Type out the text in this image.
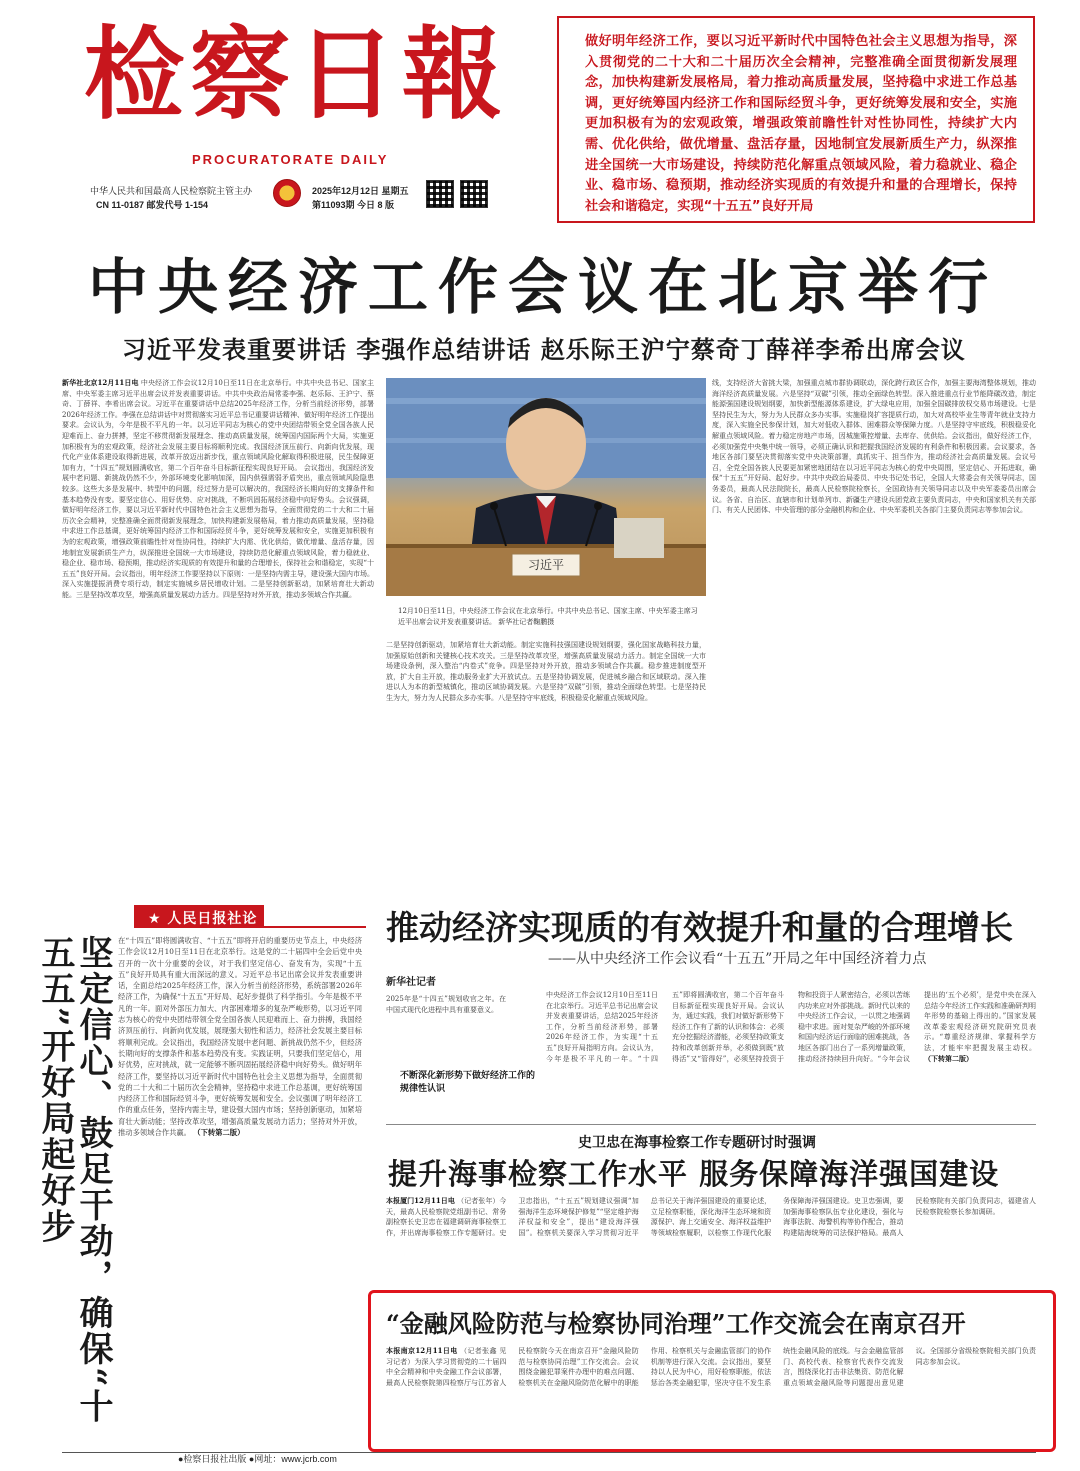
检察日報
PROCURATORATE DAILY
中华人民共和国最高人民检察院主管主办
CN 11-0187 邮发代号 1-154
2025年12月12日 星期五
第11093期 今日 8 版
做好明年经济工作，要以习近平新时代中国特色社会主义思想为指导，深入贯彻党的二十大和二十届历次全会精神，完整准确全面贯彻新发展理念，加快构建新发展格局，着力推动高质量发展，坚持稳中求进工作总基调，更好统筹国内经济工作和国际经贸斗争，更好统筹发展和安全，实施更加积极有为的宏观政策，增强政策前瞻性针对性协同性，持续扩大内需、优化供给，做优增量、盘活存量，因地制宜发展新质生产力，纵深推进全国统一大市场建设，持续防范化解重点领域风险，着力稳就业、稳企业、稳市场、稳预期，推动经济实现质的有效提升和量的合理增长，保持社会和谐稳定，实现“十五五”良好开局
中央经济工作会议在北京举行
习近平发表重要讲话 李强作总结讲话 赵乐际王沪宁蔡奇丁薛祥李希出席会议
新华社北京12月11日电 中央经济工作会议12月10日至11日在北京举行。中共中央总书记、国家主席、中央军委主席习近平出席会议并发表重要讲话。中共中央政治局常委李强、赵乐际、王沪宁、蔡奇、丁薛祥、李希出席会议。习近平在重要讲话中总结2025年经济工作，分析当前经济形势，部署2026年经济工作。李强在总结讲话中对贯彻落实习近平总书记重要讲话精神、做好明年经济工作提出要求。会议认为，今年是极不平凡的一年。以习近平同志为核心的党中央团结带领全党全国各族人民迎难而上、奋力拼搏，坚定不移贯彻新发展理念、推动高质量发展，统筹国内国际两个大局，实施更加积极有为的宏观政策，经济社会发展主要目标将顺利完成。我国经济顶压前行、向新向优发展，现代化产业体系建设取得新进展，改革开放迈出新步伐，重点领域风险化解取得积极进展，民生保障更加有力，“十四五”规划圆满收官，第二个百年奋斗目标新征程实现良好开局。 会议指出，我国经济发展中老问题、新挑战仍然不少，外部环境变化影响加深，国内供强需弱矛盾突出，重点领域风险隐患较多。这些大多是发展中、转型中的问题，经过努力是可以解决的，我国经济长期向好的支撑条件和基本趋势没有变。要坚定信心、用好优势、应对挑战，不断巩固拓展经济稳中向好势头。会议强调，做好明年经济工作，要以习近平新时代中国特色社会主义思想为指导，全面贯彻党的二十大和二十届历次全会精神，完整准确全面贯彻新发展理念，加快构建新发展格局，着力推动高质量发展，坚持稳中求进工作总基调，更好统筹国内经济工作和国际经贸斗争，更好统筹发展和安全，实施更加积极有为的宏观政策，增强政策前瞻性针对性协同性，持续扩大内需、优化供给，做优增量、盘活存量，因地制宜发展新质生产力，纵深推进全国统一大市场建设，持续防范化解重点领域风险，着力稳就业、稳企业、稳市场、稳预期，推动经济实现质的有效提升和量的合理增长，保持社会和谐稳定，实现“十五五”良好开局。会议指出，明年经济工作要坚持以下原则：一是坚持内需主导，建设强大国内市场。深入实施提振消费专项行动，制定实施城乡居民增收计划。二是坚持创新驱动，加紧培育壮大新动能。三是坚持改革攻坚，增强高质量发展动力活力。四是坚持对外开放，推动多领域合作共赢。
习近平
12月10日至11日，中央经济工作会议在北京举行。中共中央总书记、国家主席、中央军委主席习近平出席会议并发表重要讲话。 新华社记者鞠鹏摄
二是坚持创新驱动，加紧培育壮大新动能。制定实施科技强国建设规划纲要，强化国家战略科技力量，加强原始创新和关键核心技术攻关。三是坚持改革攻坚，增强高质量发展动力活力。制定全国统一大市场建设条例，深入整治“内卷式”竞争。四是坚持对外开放，推动多领域合作共赢。稳步推进制度型开放，扩大自主开放，推动服务业扩大开放试点。五是坚持协调发展，促进城乡融合和区域联动。深入推进以人为本的新型城镇化，推动区域协调发展。六是坚持“双碳”引领，推动全面绿色转型。七是坚持民生为大，努力为人民群众多办实事。八是坚持守牢底线，积极稳妥化解重点领域风险。
线，支持经济大省挑大梁，加强重点城市群协调联动，深化跨行政区合作，加强主要海湾整体规划，推动海洋经济高质量发展。六是坚持“双碳”引领，推动全面绿色转型。深入推进重点行业节能降碳改造，制定能源强国建设规划纲要，加快新型能源体系建设，扩大绿电应用，加强全国碳排放权交易市场建设。七是坚持民生为大，努力为人民群众多办实事。实施稳岗扩容提质行动，加大对高校毕业生等青年就业支持力度，深入实施全民参保计划，加大对低收入群体、困难群众等保障力度。八是坚持守牢底线，积极稳妥化解重点领域风险。着力稳定房地产市场，因城施策控增量、去库存、优供给。会议指出，做好经济工作，必须加强党中央集中统一领导，必须正确认识和把握我国经济发展的有利条件和积极因素。会议要求，各地区各部门要坚决贯彻落实党中央决策部署，真抓实干、担当作为，推动经济社会高质量发展。会议号召，全党全国各族人民要更加紧密地团结在以习近平同志为核心的党中央周围，坚定信心、开拓进取，确保“十五五”开好局、起好步。中共中央政治局委员、中央书记处书记，全国人大常委会有关领导同志，国务委员，最高人民法院院长，最高人民检察院检察长，全国政协有关领导同志以及中央军委委员出席会议。各省、自治区、直辖市和计划单列市、新疆生产建设兵团党政主要负责同志，中央和国家机关有关部门、有关人民团体、中央管理的部分金融机构和企业、中央军委机关各部门主要负责同志等参加会议。
★ 人民日报社论
坚定信心、鼓足干劲，确保“十五五”开好局起好步	在“十四五”即将圆满收官、“十五五”即将开启的重要历史节点上，中央经济工作会议12月10日至11日在北京举行。这是党的二十届四中全会后党中央召开的一次十分重要的会议，对于我们坚定信心、奋发有为，实现“十五五”良好开局具有重大而深远的意义。习近平总书记出席会议并发表重要讲话，全面总结2025年经济工作，深入分析当前经济形势，系统部署2026年经济工作，为确保“十五五”开好局、起好步提供了科学指引。今年是极不平凡的一年。面对外部压力加大、内部困难增多的复杂严峻形势，以习近平同志为核心的党中央团结带领全党全国各族人民迎难而上、奋力拼搏，我国经济顶压前行、向新向优发展，展现强大韧性和活力，经济社会发展主要目标将顺利完成。会议指出，我国经济发展中老问题、新挑战仍然不少，但经济长期向好的支撑条件和基本趋势没有变。实践证明，只要我们坚定信心，用好优势，应对挑战，就一定能够不断巩固拓展经济稳中向好势头。做好明年经济工作，要坚持以习近平新时代中国特色社会主义思想为指导，全面贯彻党的二十大和二十届历次全会精神，坚持稳中求进工作总基调，更好统筹国内经济工作和国际经贸斗争，更好统筹发展和安全。会议强调了明年经济工作的重点任务，坚持内需主导，建设强大国内市场；坚持创新驱动，加紧培育壮大新动能；坚持改革攻坚，增强高质量发展动力活力；坚持对外开放，推动多领域合作共赢。 （下转第二版）
推动经济实现质的有效提升和量的合理增长
——从中央经济工作会议看“十五五”开局之年中国经济着力点
新华社记者
2025年是“十四五”规划收官之年。在中国式现代化进程中具有重要意义。
不断深化新形势下做好经济工作的规律性认识
中央经济工作会议12月10日至11日在北京举行。习近平总书记出席会议并发表重要讲话，总结2025年经济工作，分析当前经济形势，部署2026年经济工作，为实现“十五五”良好开局指明方向。会议认为，今年是极不平凡的一年。“十四五”即将圆满收官，第二个百年奋斗目标新征程实现良好开局。会议认为，通过实践，我们对做好新形势下经济工作有了新的认识和体会：必须充分挖掘经济潜能，必须坚持政策支持和改革创新并举，必须做到既“放得活”又“管得好”，必须坚持投资于物和投资于人紧密结合，必须以苦练内功来应对外部挑战。新时代以来的中央经济工作会议，一以贯之地强调稳中求进。面对复杂严峻的外部环境和国内经济运行面临的困难挑战，各地区各部门出台了一系列增量政策，推动经济持续回升向好。“今年会议提出的‘五个必须’，是党中央在深入总结今年经济工作实践和准确研判明年形势的基础上得出的。”国家发展改革委宏观经济研究院研究员表示。“尊重经济规律、掌握科学方法，才能牢牢把握发展主动权。 （下转第二版）
史卫忠在海事检察工作专题研讨时强调
提升海事检察工作水平 服务保障海洋强国建设
本报厦门12月11日电 （记者张年）今天，最高人民检察院党组副书记、常务副检察长史卫忠在福建调研海事检察工作，并出席海事检察工作专题研讨。史卫忠指出，“十五五”规划建议强调“加强海洋生态环境保护修复”“坚定维护海洋权益和安全”，提出“建设海洋强国”。检察机关要深入学习贯彻习近平总书记关于海洋强国建设的重要论述，立足检察职能，深化海洋生态环境和资源保护、海上交通安全、海洋权益维护等领域检察履职，以检察工作现代化服务保障海洋强国建设。史卫忠强调，要加强海事检察队伍专业化建设，强化与海事法院、海警机构等协作配合，推动构建陆海统筹的司法保护格局。最高人民检察院有关部门负责同志，福建省人民检察院检察长参加调研。
“金融风险防范与检察协同治理”工作交流会在南京召开
本报南京12月11日电 （记者张鑫 见习记者）为深入学习贯彻党的二十届四中全会精神和中央金融工作会议部署，最高人民检察院第四检察厅与江苏省人民检察院今天在南京召开“金融风险防范与检察协同治理”工作交流会。会议围绕金融犯罪案件办理中的难点问题、检察机关在金融风险防范化解中的职能作用、检察机关与金融监管部门的协作机制等进行深入交流。会议指出，要坚持以人民为中心，用好检察职能，依法惩治各类金融犯罪，坚决守住不发生系统性金融风险的底线。与会金融监管部门、高校代表、检察官代表作交流发言，围绕深化打击非法集资、防范化解重点领域金融风险等问题提出意见建议。全国部分省级检察院相关部门负责同志参加会议。
●检察日报社出版 ●网址：www.jcrb.com
